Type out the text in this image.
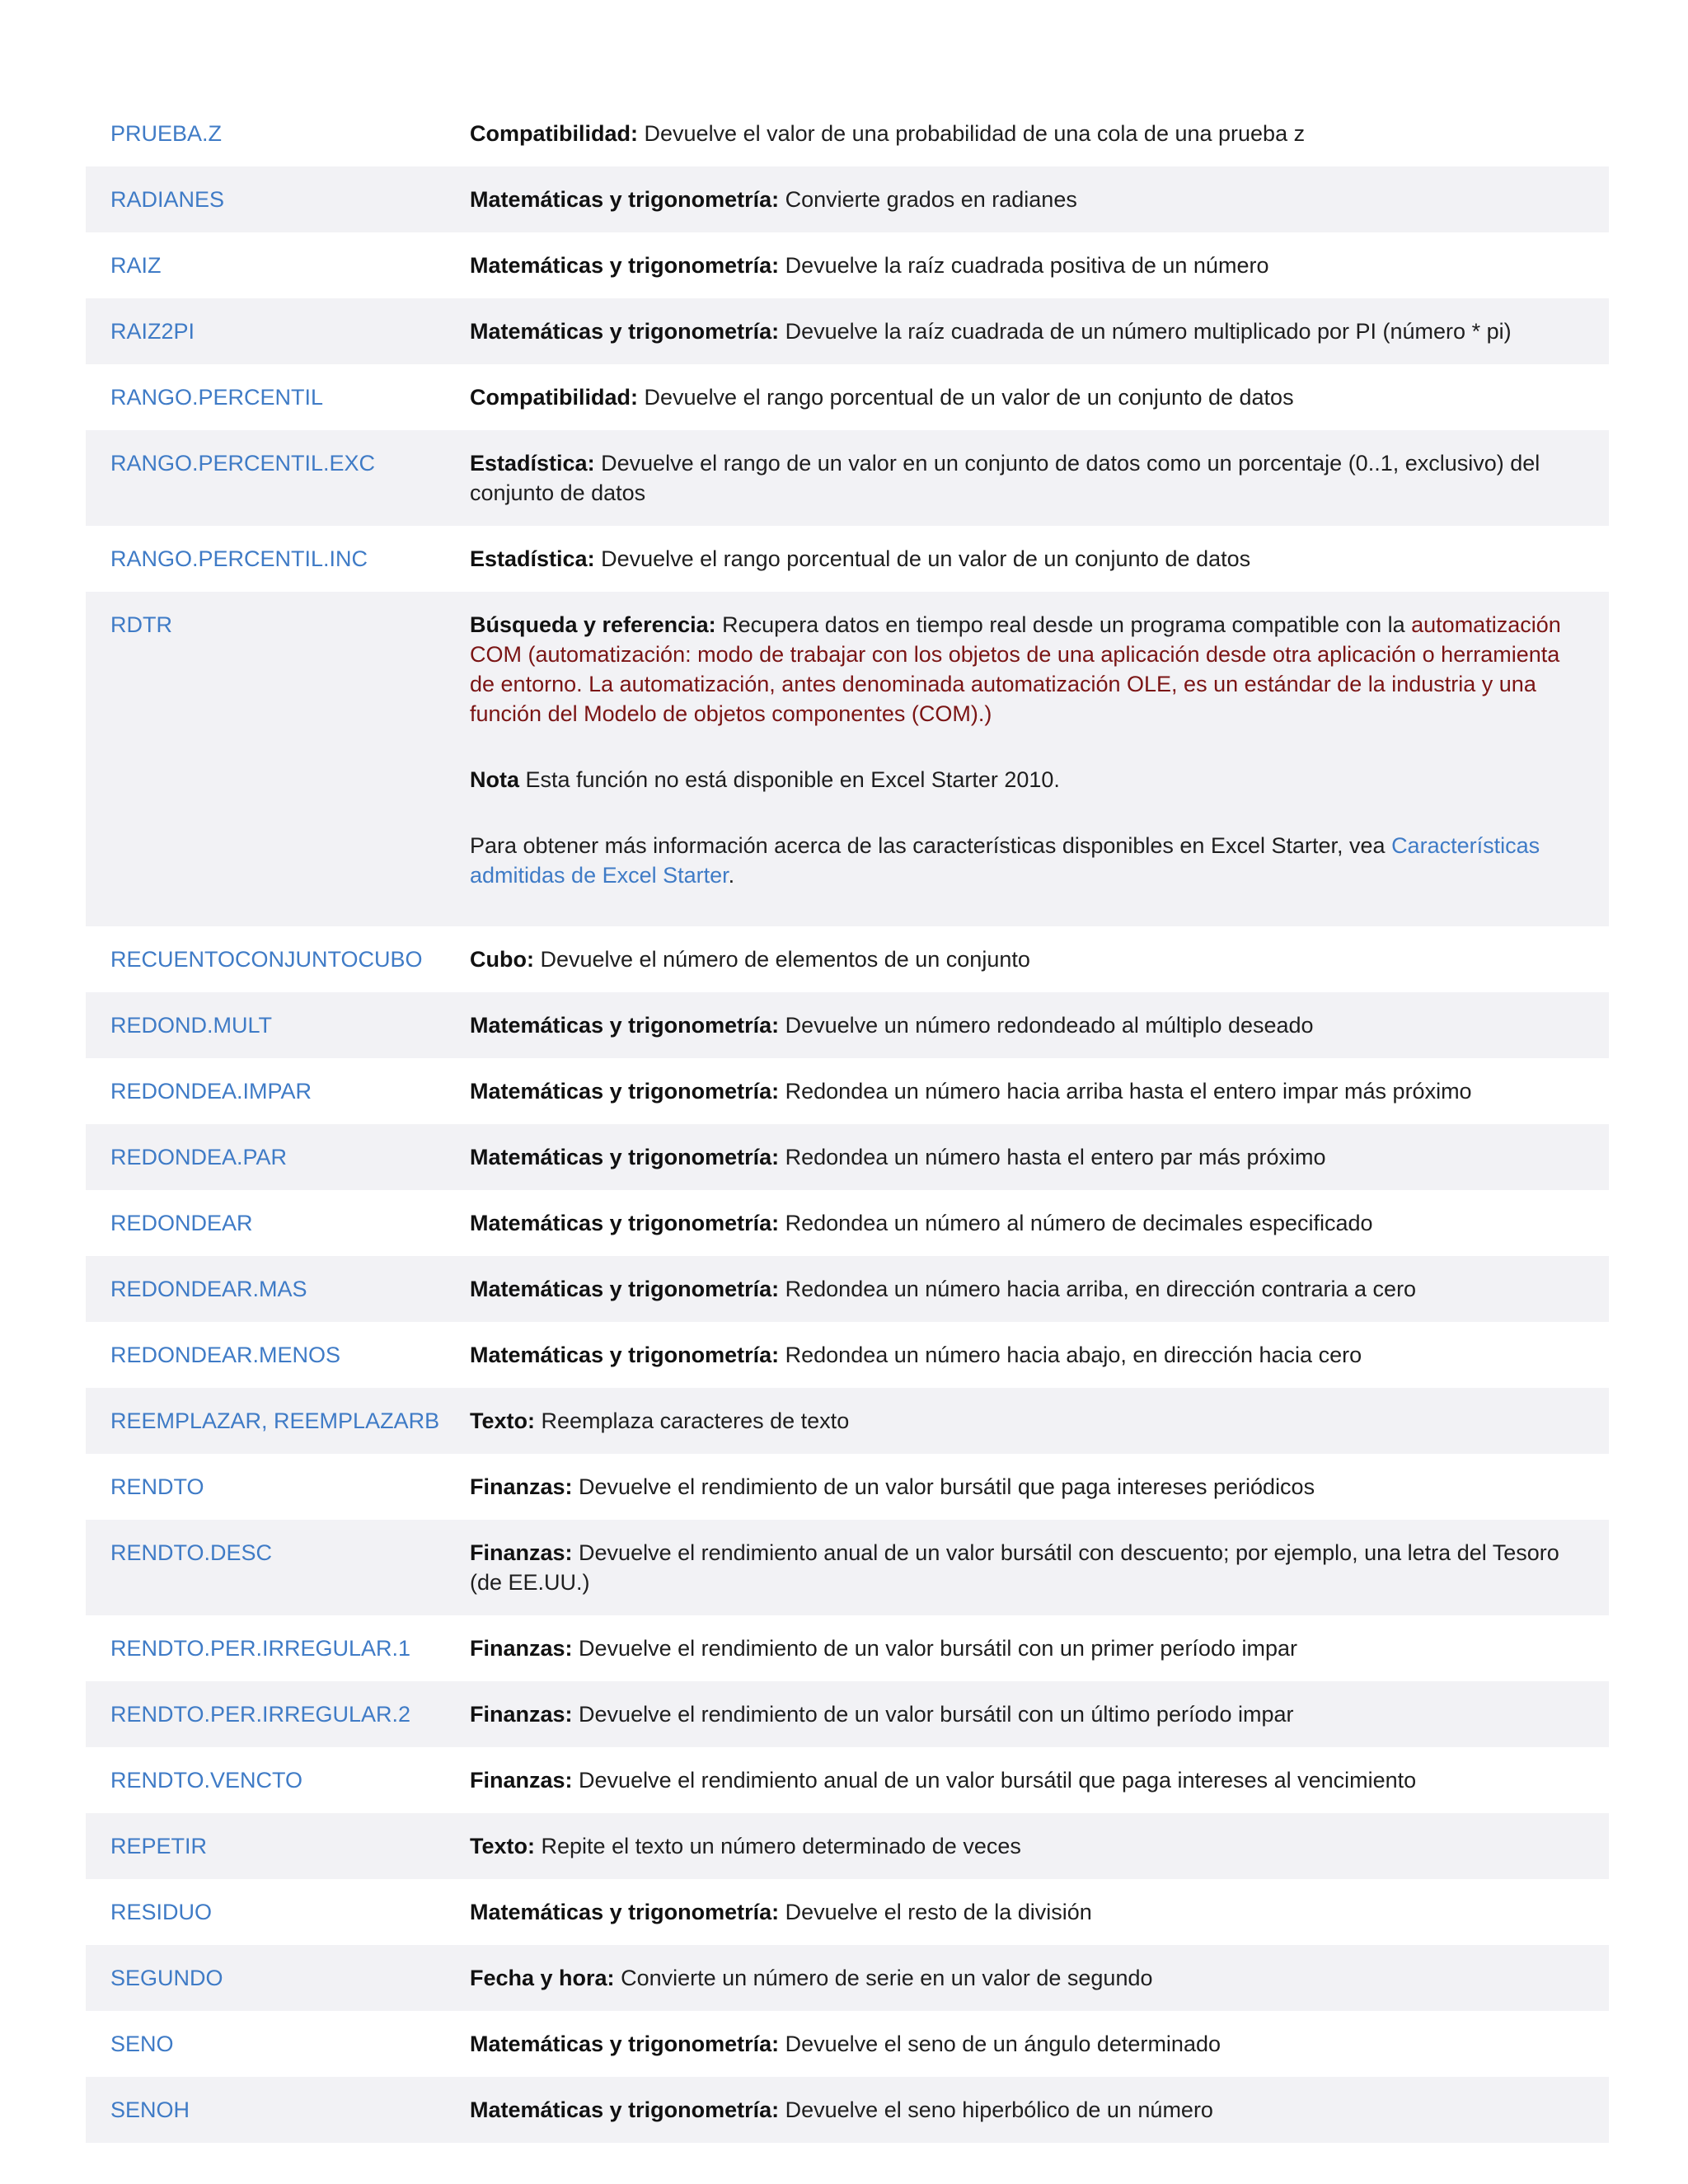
PRUEBA.Z	Compatibilidad: Devuelve el valor de una probabilidad de una cola de una prueba z
RADIANES	Matemáticas y trigonometría: Convierte grados en radianes
RAIZ	Matemáticas y trigonometría: Devuelve la raíz cuadrada positiva de un número
RAIZ2PI	Matemáticas y trigonometría: Devuelve la raíz cuadrada de un número multiplicado por PI (número * pi)
RANGO.PERCENTIL	Compatibilidad: Devuelve el rango porcentual de un valor de un conjunto de datos
RANGO.PERCENTIL.EXC	Estadística: Devuelve el rango de un valor en un conjunto de datos como un porcentaje (0..1, exclusivo) del conjunto de datos
RANGO.PERCENTIL.INC	Estadística: Devuelve el rango porcentual de un valor de un conjunto de datos
RDTR	Búsqueda y referencia: Recupera datos en tiempo real desde un programa compatible con la automatización COM (automatización: modo de trabajar con los objetos de una aplicación desde otra aplicación o herramienta de entorno. La automatización, antes denominada automatización OLE, es un estándar de la industria y una función del Modelo de objetos componentes (COM).)

Nota Esta función no está disponible en Excel Starter 2010.

Para obtener más información acerca de las características disponibles en Excel Starter, vea Características admitidas de Excel Starter.

RECUENTOCONJUNTOCUBO	Cubo: Devuelve el número de elementos de un conjunto
REDOND.MULT	Matemáticas y trigonometría: Devuelve un número redondeado al múltiplo deseado
REDONDEA.IMPAR	Matemáticas y trigonometría: Redondea un número hacia arriba hasta el entero impar más próximo
REDONDEA.PAR	Matemáticas y trigonometría: Redondea un número hasta el entero par más próximo
REDONDEAR	Matemáticas y trigonometría: Redondea un número al número de decimales especificado
REDONDEAR.MAS	Matemáticas y trigonometría: Redondea un número hacia arriba, en dirección contraria a cero
REDONDEAR.MENOS	Matemáticas y trigonometría: Redondea un número hacia abajo, en dirección hacia cero
REEMPLAZAR, REEMPLAZARB	Texto: Reemplaza caracteres de texto
RENDTO	Finanzas: Devuelve el rendimiento de un valor bursátil que paga intereses periódicos
RENDTO.DESC	Finanzas: Devuelve el rendimiento anual de un valor bursátil con descuento; por ejemplo, una letra del Tesoro (de EE.UU.)
RENDTO.PER.IRREGULAR.1	Finanzas: Devuelve el rendimiento de un valor bursátil con un primer período impar
RENDTO.PER.IRREGULAR.2	Finanzas: Devuelve el rendimiento de un valor bursátil con un último período impar
RENDTO.VENCTO	Finanzas: Devuelve el rendimiento anual de un valor bursátil que paga intereses al vencimiento
REPETIR	Texto: Repite el texto un número determinado de veces
RESIDUO	Matemáticas y trigonometría: Devuelve el resto de la división
SEGUNDO	Fecha y hora: Convierte un número de serie en un valor de segundo
SENO	Matemáticas y trigonometría: Devuelve el seno de un ángulo determinado
SENOH	Matemáticas y trigonometría: Devuelve el seno hiperbólico de un número
